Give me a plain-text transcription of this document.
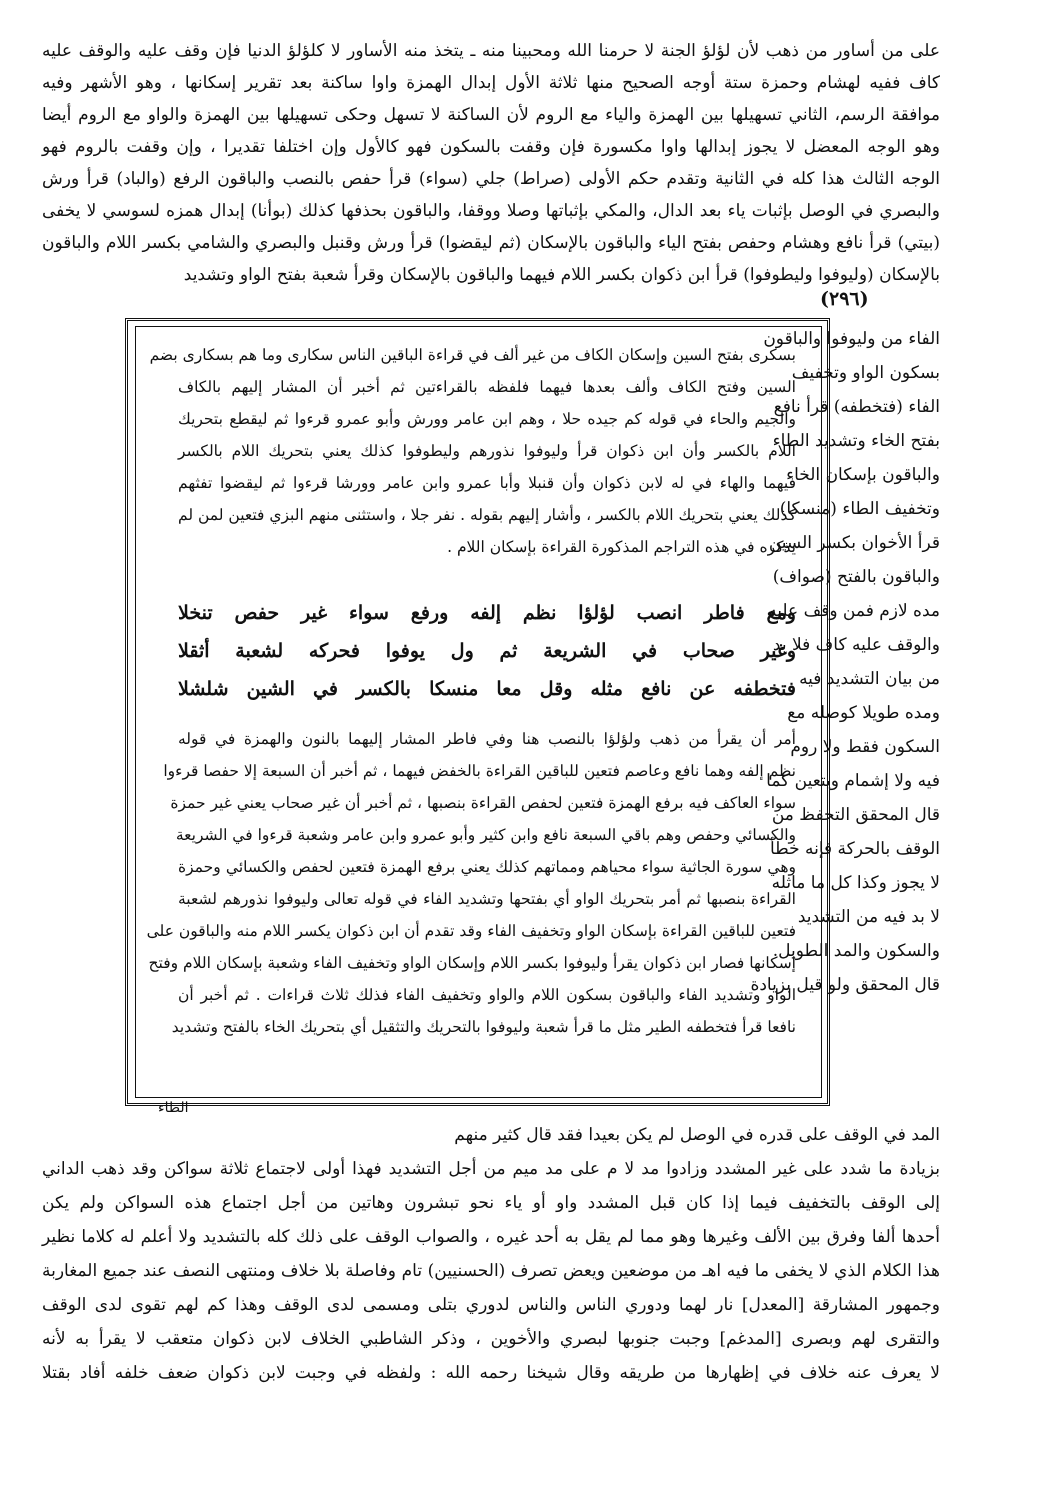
على من أساور من ذهب لأن لؤلؤ الجنة لا حرمنا الله ومحبينا منه ـ يتخذ منه الأساور لا كلؤلؤ الدنيا فإن وقف عليه والوقف عليه
كاف ففيه لهشام وحمزة ستة أوجه الصحيح منها ثلاثة الأول إبدال الهمزة واوا ساكنة بعد تقرير إسكانها ، وهو الأشهر وفيه
موافقة الرسم، الثاني تسهيلها بين الهمزة والياء مع الروم لأن الساكنة لا تسهل وحكى تسهيلها بين الهمزة والواو مع الروم أيضا
وهو الوجه المعضل لا يجوز إبدالها واوا مكسورة فإن وقفت بالسكون فهو كالأول وإن اختلفا تقديرا ، وإن وقفت بالروم فهو
الوجه الثالث هذا كله في الثانية وتقدم حكم الأولى (صراط) جلي (سواء) قرأ حفص بالنصب والباقون الرفع (والباد) قرأ ورش
والبصري في الوصل بإثبات ياء بعد الدال، والمكي بإثباتها وصلا ووقفا، والباقون بحذفها كذلك (بوأنا) إبدال همزه لسوسي لا يخفى
(بيتي) قرأ نافع وهشام وحفص بفتح الياء والباقون بالإسكان (ثم ليقضوا) قرأ ورش وقنبل والبصري والشامي بكسر اللام والباقون
بالإسكان (وليوفوا وليطوفوا) قرأ ابن ذكوان بكسر اللام فيهما والباقون بالإسكان وقرأ شعبة بفتح الواو وتشديد
(٢٩٦)
الفاء من وليوفوا والباقون
بسكون الواو وتخفيف
الفاء (فتخطفه) قرأ نافع
بفتح الخاء وتشديد الطاء
والباقون بإسكان الخاء
وتخفيف الطاء (منسكا)
قرأ الأخوان بكسر السين
والباقون بالفتح (صواف)
مده لازم فمن وقف عليه
والوقف عليه كاف فلا بد
من بيان التشديد فيه
ومده طويلا كوصله مع
السكون فقط ولا روم
فيه ولا إشمام ويتعين كما
قال المحقق التحفظ من
الوقف بالحركة فإنه خطأ
لا يجوز وكذا كل ما ماثله
لا بد فيه من التشديد
والسكون والمد الطويل.
قال المحقق ولو قيل بزيادة
بسكرى بفتح السين وإسكان الكاف من غير ألف في قراءة الباقين الناس سكارى وما هم بسكارى بضم
السين وفتح الكاف وألف بعدها فيهما فلفظه بالقراءتين ثم أخبر أن المشار إليهم بالكاف
والجيم والحاء في قوله كم جيده حلا ، وهم ابن عامر وورش وأبو عمرو قرءوا ثم ليقطع بتحريك
اللام بالكسر وأن ابن ذكوان قرأ وليوفوا نذورهم وليطوفوا كذلك يعني بتحريك اللام بالكسر
فيهما والهاء في له لابن ذكوان وأن قنبلا وأبا عمرو وابن عامر وورشا قرءوا ثم ليقضوا تفثهم
كذلك يعني بتحريك اللام بالكسر ، وأشار إليهم بقوله . نفر جلا ، واستثنى منهم البزي فتعين لمن لم
يذكره في هذه التراجم المذكورة القراءة بإسكان اللام .
ومع فاطر انصب لؤلؤا نظم إلفه ورفع سواء غير حفص تنخلا
وغير صحاب في الشريعة ثم ول يوفوا فحركه لشعبة أثقلا
فتخطفه عن نافع مثله وقل معا منسكا بالكسر في الشين شلشلا
أمر أن يقرأ من ذهب ولؤلؤا بالنصب هنا وفي فاطر المشار إليهما بالنون والهمزة في قوله
نظم إلفه وهما نافع وعاصم فتعين للباقين القراءة بالخفض فيهما ، ثم أخبر أن السبعة إلا حفصا قرءوا
سواء العاكف فيه برفع الهمزة فتعين لحفص القراءة بنصبها ، ثم أخبر أن غير صحاب يعني غير حمزة
والكسائي وحفص وهم باقي السبعة نافع وابن كثير وأبو عمرو وابن عامر وشعبة قرءوا في الشريعة
وهي سورة الجاثية سواء محياهم ومماتهم كذلك يعني برفع الهمزة فتعين لحفص والكسائي وحمزة
القراءة بنصبها ثم أمر بتحريك الواو أي بفتحها وتشديد الفاء في قوله تعالى وليوفوا نذورهم لشعبة
فتعين للباقين القراءة بإسكان الواو وتخفيف الفاء وقد تقدم أن ابن ذكوان يكسر اللام منه والباقون على
إسكانها فصار ابن ذكوان يقرأ وليوفوا بكسر اللام وإسكان الواو وتخفيف الفاء وشعبة بإسكان اللام وفتح
الواو وتشديد الفاء والباقون بسكون اللام والواو وتخفيف الفاء فذلك ثلاث قراءات . ثم أخبر أن
نافعا قرأ فتخطفه الطير مثل ما قرأ شعبة وليوفوا بالتحريك والتثقيل أي بتحريك الخاء بالفتح وتشديد
الطاء
المد في الوقف على قدره في الوصل لم يكن بعيدا فقد قال كثير منهم
بزيادة ما شدد على غير المشدد وزادوا مد لا م على مد ميم من أجل التشديد فهذا أولى لاجتماع ثلاثة سواكن وقد ذهب الداني
إلى الوقف بالتخفيف فيما إذا كان قبل المشدد واو أو ياء نحو تبشرون وهاتين من أجل اجتماع هذه السواكن ولم يكن
أحدها ألفا وفرق بين الألف وغيرها وهو مما لم يقل به أحد غيره ، والصواب الوقف على ذلك كله بالتشديد ولا أعلم له كلاما نظير
هذا الكلام الذي لا يخفى ما فيه اهـ من موضعين ويعض تصرف (الحسنيين) تام وفاصلة بلا خلاف ومنتهى النصف عند جميع المغاربة
وجمهور المشارقة [المعدل] نار لهما ودوري الناس والناس لدوري بتلى ومسمى لدى الوقف وهذا كم لهم تقوى لدى الوقف
والتقرى لهم وبصرى [المدغم] وجبت جنوبها لبصري والأخوين ، وذكر الشاطبي الخلاف لابن ذكوان متعقب لا يقرأ به لأنه
لا يعرف عنه خلاف في إظهارها من طريقه وقال شيخنا رحمه الله : ولفظه في وجبت لابن ذكوان ضعف خلفه أفاد بقتلا
